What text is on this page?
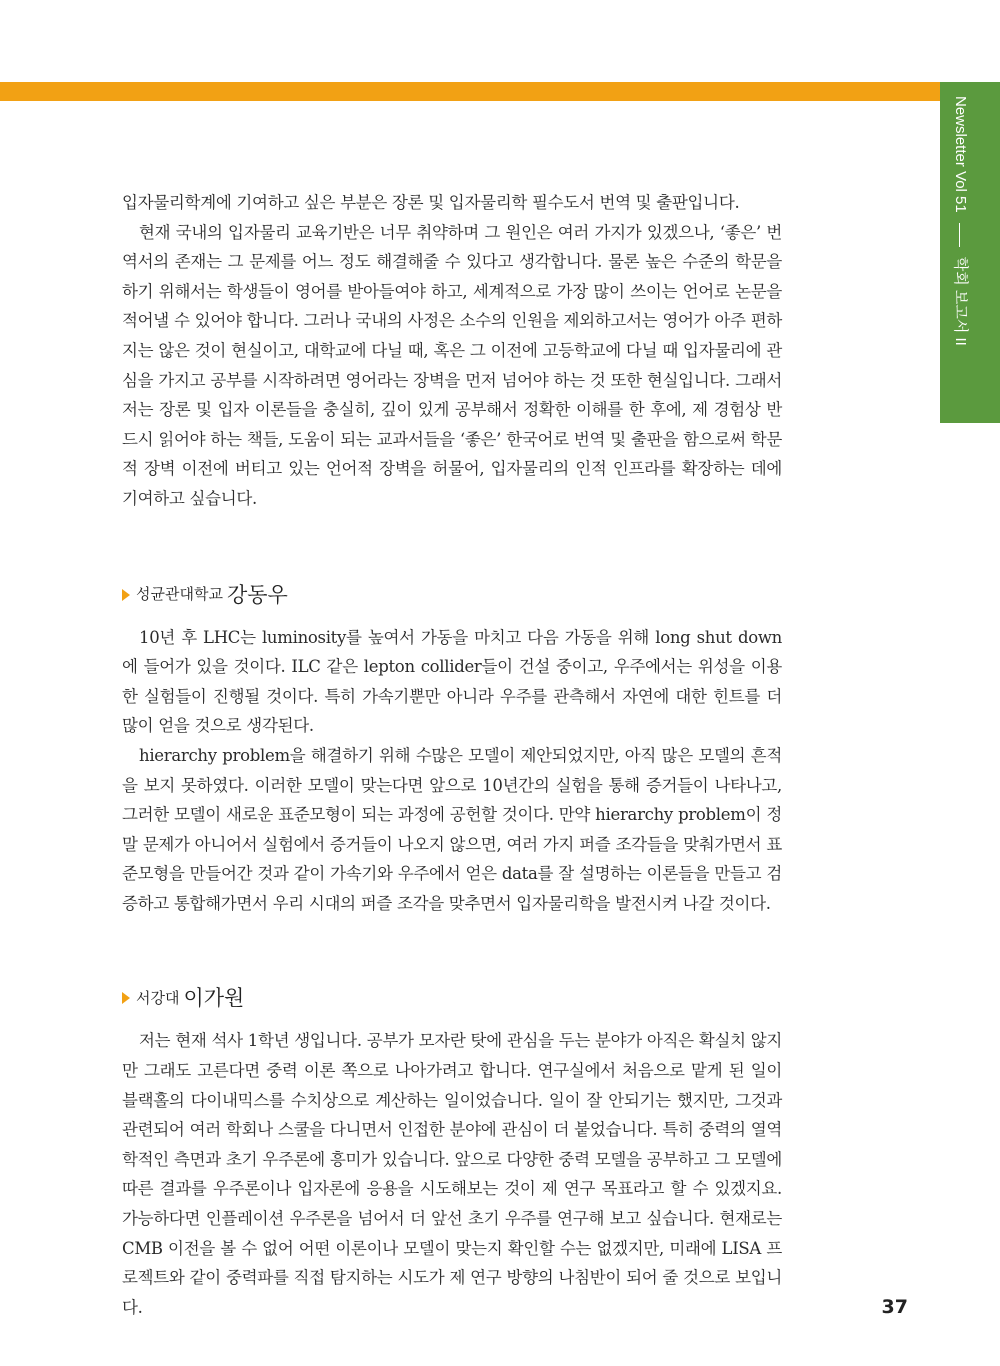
Newsletter Vol 51
학회 보고서 II

입자물리학계에 기여하고 싶은 부분은 장론 및 입자물리학 필수도서 번역 및 출판입니다.

현재 국내의 입자물리 교육기반은 너무 취약하며 그 원인은 여러 가지가 있겠으나, ‘좋은’ 번역서의 존재는 그 문제를 어느 정도 해결해줄 수 있다고 생각합니다. 물론 높은 수준의 학문을 하기 위해서는 학생들이 영어를 받아들여야 하고, 세계적으로 가장 많이 쓰이는 언어로 논문을 적어낼 수 있어야 합니다. 그러나 국내의 사정은 소수의 인원을 제외하고서는 영어가 아주 편하지는 않은 것이 현실이고, 대학교에 다닐 때, 혹은 그 이전에 고등학교에 다닐 때 입자물리에 관심을 가지고 공부를 시작하려면 영어라는 장벽을 먼저 넘어야 하는 것 또한 현실입니다. 그래서 저는 장론 및 입자 이론들을 충실히, 깊이 있게 공부해서 정확한 이해를 한 후에, 제 경험상 반드시 읽어야 하는 책들, 도움이 되는 교과서들을 ‘좋은’ 한국어로 번역 및 출판을 함으로써 학문적 장벽 이전에 버티고 있는 언어적 장벽을 허물어, 입자물리의 인적 인프라를 확장하는 데에 기여하고 싶습니다.

성균관대학교 강동우

10년 후 LHC는 luminosity를 높여서 가동을 마치고 다음 가동을 위해 long shut down에 들어가 있을 것이다. ILC 같은 lepton collider들이 건설 중이고, 우주에서는 위성을 이용한 실험들이 진행될 것이다. 특히 가속기뿐만 아니라 우주를 관측해서 자연에 대한 힌트를 더 많이 얻을 것으로 생각된다.

hierarchy problem을 해결하기 위해 수많은 모델이 제안되었지만, 아직 많은 모델의 흔적을 보지 못하였다. 이러한 모델이 맞는다면 앞으로 10년간의 실험을 통해 증거들이 나타나고, 그러한 모델이 새로운 표준모형이 되는 과정에 공헌할 것이다. 만약 hierarchy problem이 정말 문제가 아니어서 실험에서 증거들이 나오지 않으면, 여러 가지 퍼즐 조각들을 맞춰가면서 표준모형을 만들어간 것과 같이 가속기와 우주에서 얻은 data를 잘 설명하는 이론들을 만들고 검증하고 통합해가면서 우리 시대의 퍼즐 조각을 맞추면서 입자물리학을 발전시켜 나갈 것이다.

서강대 이가원

저는 현재 석사 1학년 생입니다. 공부가 모자란 탓에 관심을 두는 분야가 아직은 확실치 않지만 그래도 고른다면 중력 이론 쪽으로 나아가려고 합니다. 연구실에서 처음으로 맡게 된 일이 블랙홀의 다이내믹스를 수치상으로 계산하는 일이었습니다. 일이 잘 안되기는 했지만, 그것과 관련되어 여러 학회나 스쿨을 다니면서 인접한 분야에 관심이 더 붙었습니다. 특히 중력의 열역학적인 측면과 초기 우주론에 흥미가 있습니다. 앞으로 다양한 중력 모델을 공부하고 그 모델에 따른 결과를 우주론이나 입자론에 응용을 시도해보는 것이 제 연구 목표라고 할 수 있겠지요. 가능하다면 인플레이션 우주론을 넘어서 더 앞선 초기 우주를 연구해 보고 싶습니다. 현재로는 CMB 이전을 볼 수 없어 어떤 이론이나 모델이 맞는지 확인할 수는 없겠지만, 미래에 LISA 프로젝트와 같이 중력파를 직접 탐지하는 시도가 제 연구 방향의 나침반이 되어 줄 것으로 보입니다.	37
